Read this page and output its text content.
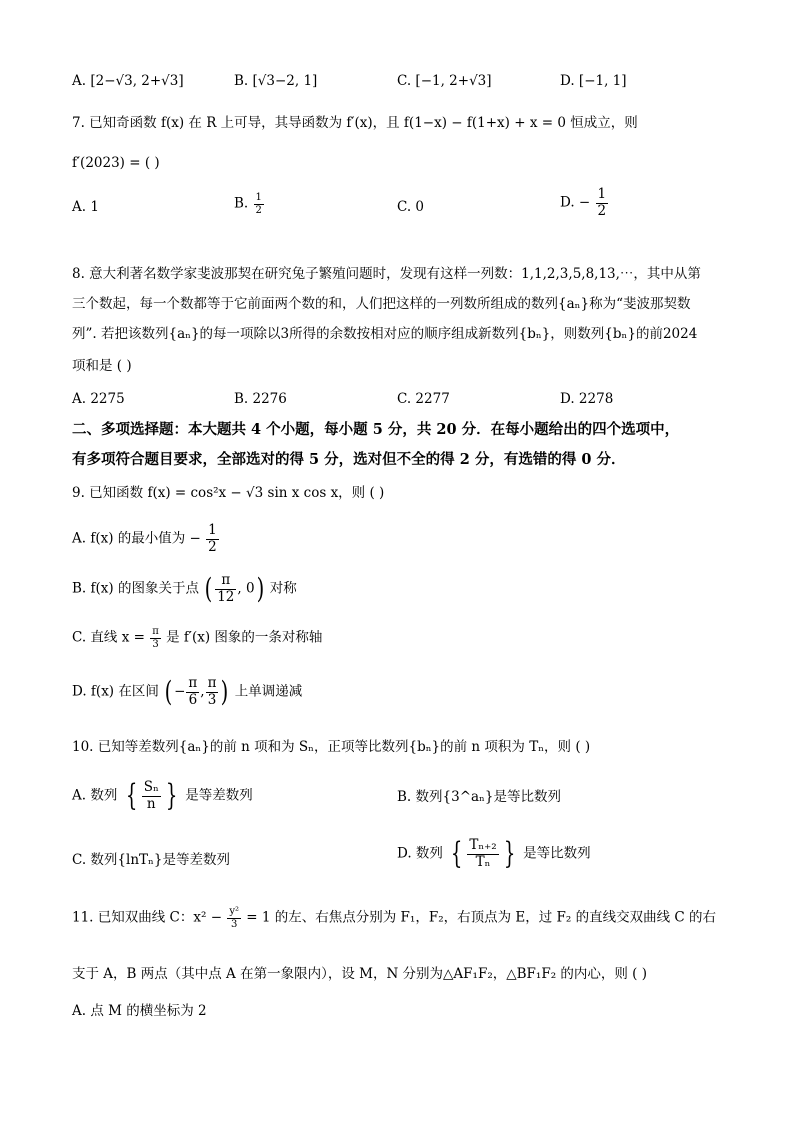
A. [2−√3, 2+√3]	B. [√3−2, 1]	C. [−1, 2+√3]	D. [−1, 1]
7. 已知奇函数 f(x) 在 R 上可导，其导函数为 f′(x)，且 f(1−x) − f(1+x) + x = 0 恒成立，则
f′(2023) = ( )
A. 1	B. $\frac{1}{2}$	C. 0	D. − $\frac{1}{2}$
8. 意大利著名数学家斐波那契在研究兔子繁殖问题时，发现有这样一列数：1,1,2,3,5,8,13,⋯，其中从第
三个数起，每一个数都等于它前面两个数的和，人们把这样的一列数所组成的数列{aₙ}称为“斐波那契数
列”. 若把该数列{aₙ}的每一项除以3所得的余数按相对应的顺序组成新数列{bₙ}，则数列{bₙ}的前2024
项和是 ( )
A. 2275	B. 2276	C. 2277	D. 2278
二、多项选择题：本大题共 4 个小题，每小题 5 分，共 20 分．在每小题给出的四个选项中，
有多项符合题目要求，全部选对的得 5 分，选对但不全的得 2 分，有选错的得 0 分．
9. 已知函数 f(x) = cos²x − √3 sin x cos x，则 ( )
A. f(x) 的最小值为 − $\frac{1}{2}$
B. f(x) 的图象关于点 ( $\frac{\pi}{12}$ , 0) 对称
C. 直线 $x = \frac{\pi}{3}$ 是 f′(x) 图象的一条对称轴
D. f(x) 在区间 ( − $\frac{\pi}{6}$ , $\frac{\pi}{3}$ ) 上单调递减
10. 已知等差数列{aₙ}的前 n 项和为 Sₙ，正项等比数列{bₙ}的前 n 项积为 Tₙ，则 ( )
A. 数列 { $\frac{\text{Sₙ}}{n}$ } 是等差数列	B. 数列{3^aₙ}是等比数列
C. 数列{lnTₙ}是等差数列	D. 数列 { $\frac{\text{Tₙ₊₂}}{\text{Tₙ}}$ } 是等比数列
11. 已知双曲线 C：$x^2 - \frac{\text{y²}}{3} = 1$ 的左、右焦点分别为 F₁，F₂，右顶点为 E，过 F₂ 的直线交双曲线 C 的右
支于 A，B 两点（其中点 A 在第一象限内），设 M，N 分别为△AF₁F₂，△BF₁F₂ 的内心，则 ( )
A. 点 M 的横坐标为 2
